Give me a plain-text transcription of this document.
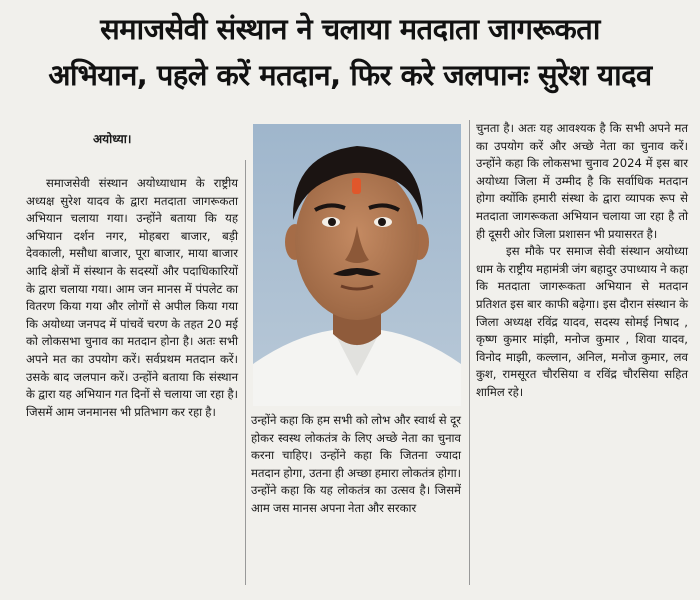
समाजसेवी संस्थान ने चलाया मतदाता जागरूकता
अभियान, पहले करें मतदान, फिर करे जलपानः सुरेश यादव
अयोध्या।

समाजसेवी संस्थान अयोध्याधाम के राष्ट्रीय अध्यक्ष सुरेश यादव के द्वारा मतदाता जागरूकता अभियान चलाया गया। उन्होंने बताया कि यह अभियान दर्शन नगर, मोहबरा बाजार, बड़ी देवकाली, मसौधा बाजार, पूरा बाजार, माया बाजार आदि क्षेत्रों में संस्थान के सदस्यों और पदाधिकारियों के द्वारा चलाया गया। आम जन मानस में पंपलेट का वितरण किया गया और लोगों से अपील किया गया कि अयोध्या जनपद में पांचवें चरण के तहत 20 मई को लोकसभा चुनाव का मतदान होना है। अतः सभी अपने मत का उपयोग करें। सर्वप्रथम मतदान करें।उसके बाद जलपान करें। उन्होंने बताया कि संस्थान के द्वारा यह अभियान गत दिनों से चलाया जा रहा है। जिसमें आम जनमानस भी प्रतिभाग कर रहा है।

उन्होंने कहा कि हम सभी को लोभ और स्वार्थ से दूर होकर स्वस्थ लोकतंत्र के लिए अच्छे नेता का चुनाव करना चाहिए। उन्होंने कहा कि जितना ज्यादा मतदान होगा, उतना ही अच्छा हमारा लोकतंत्र होगा। उन्होंने कहा कि यह लोकतंत्र का उत्सव है। जिसमें आम जस मानस अपना नेता और सरकार

चुनता है। अतः यह आवश्यक है कि सभी अपने मत का उपयोग करें और अच्छे नेता का चुनाव करें। उन्होंने कहा कि लोकसभा चुनाव 2024 में इस बार अयोध्या जिला में उम्मीद है कि सर्वाधिक मतदान होगा क्योंकि हमारी संस्था के द्वारा व्यापक रूप से मतदाता जागरूकता अभियान चलाया जा रहा है तो ही दूसरी ओर जिला प्रशासन भी प्रयासरत है।

इस मौके पर समाज सेवी संस्थान अयोध्या धाम के राष्ट्रीय महामंत्री जंग बहादुर उपाध्याय ने कहा कि मतदाता जागरूकता अभियान से मतदान प्रतिशत इस बार काफी बढ़ेगा। इस दौरान संस्थान के जिला अध्यक्ष रविंद्र यादव, सदस्य सोमई निषाद , कृष्ण कुमार मांझी, मनोज कुमार , शिवा यादव, विनोद माझी, कल्लान, अनिल, मनोज कुमार, लव कुश, रामसूरत चौरसिया व रविंद्र चौरसिया सहित शामिल रहे।
